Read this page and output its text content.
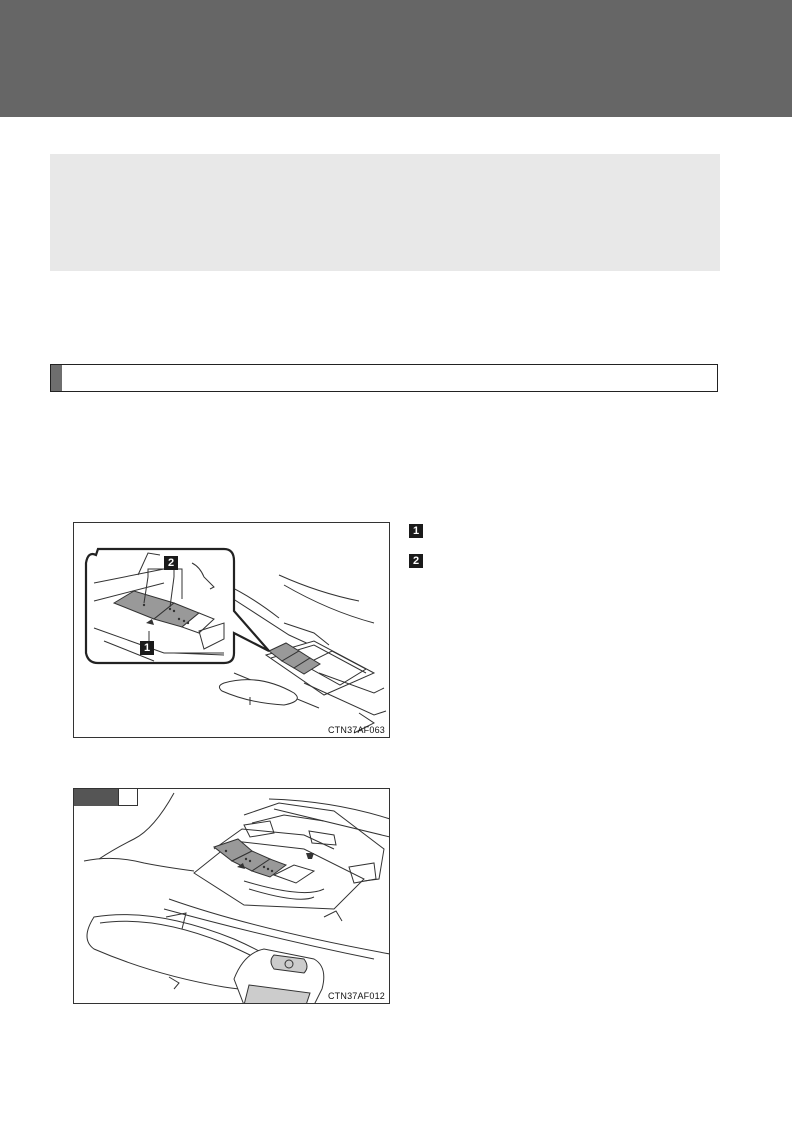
2
1
CTN37AF063
1
2
CTN37AF012
